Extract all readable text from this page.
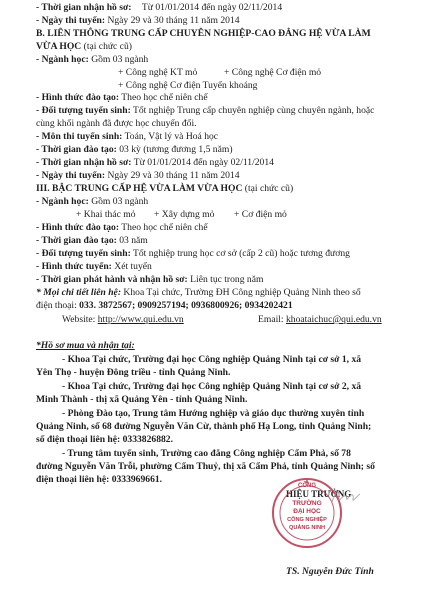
- Thời gian nhận hồ sơ: Từ 01/01/2014 đến ngày 02/11/2014
- Ngày thi tuyển: Ngày 29 và 30 tháng 11 năm 2014
B. LIÊN THÔNG TRUNG CẤP CHUYÊN NGHIỆP-CAO ĐẲNG HỆ VỪA LÀM
VỪA HỌC (tại chức cũ)
- Ngành học: Gồm 03 ngành
+ Công nghệ KT mỏ	+ Công nghệ Cơ điện mỏ
+ Công nghệ Cơ điện Tuyển khoáng
- Hình thức đào tạo: Theo học chế niên chế
- Đối tượng tuyển sinh: Tốt nghiệp Trung cấp chuyên nghiệp cùng chuyên ngành, hoặc
cùng khối ngành đã được học chuyển đổi.
- Môn thi tuyển sinh: Toán, Vật lý và Hoá học
- Thời gian đào tạo: 03 kỳ (tương đương 1,5 năm)
- Thời gian nhận hồ sơ: Từ 01/01/2014 đến ngày 02/11/2014
- Ngày thi tuyển: Ngày 29 và 30 tháng 11 năm 2014
III. BẬC TRUNG CẤP HỆ VỪA LÀM VỪA HỌC (tại chức cũ)
- Ngành học: Gồm 03 ngành
+ Khai thác mỏ + Xây dựng mỏ + Cơ điện mỏ
- Hình thức đào tạo: Theo học chế niên chế
- Thời gian đào tạo: 03 năm
- Đối tượng tuyển sinh: Tốt nghiệp trung học cơ sở (cấp 2 cũ) hoặc tương đương
- Hình thức tuyển: Xét tuyển
- Thời gian phát hành và nhận hồ sơ: Liên tục trong năm
* Mọi chi tiết liên hệ: Khoa Tại chức, Trường ĐH Công nghiệp Quảng Ninh theo số
điện thoại: 033. 3872567; 0909257194; 0936800926; 0934202421
Website: http://www.qui.edu.vn	Email: khoataichuc@qui.edu.vn
*Hồ sơ mua và nhận tại:
- Khoa Tại chức, Trường đại học Công nghiệp Quảng Ninh tại cơ sở 1, xã
Yên Thọ - huyện Đông triều - tỉnh Quảng Ninh.
- Khoa Tại chức, Trường đại học Công nghiệp Quảng Ninh tại cơ sở 2, xã
Minh Thành - thị xã Quảng Yên - tỉnh Quảng Ninh.
- Phòng Đào tạo, Trung tâm Hướng nghiệp và giáo dục thường xuyên tỉnh
Quảng Ninh, số 68 đường Nguyễn Văn Cừ, thành phố Hạ Long, tỉnh Quảng Ninh;
số điện thoại liên hệ: 0333826882.
- Trung tâm tuyển sinh, Trường cao đẳng Công nghiệp Cẩm Phả, số 78
đường Nguyễn Văn Trỗi, phường Cẩm Thuỷ, thị xã Cẩm Phả, tỉnh Quảng Ninh; số
điện thoại liên hệ: 0333969661.
HIỆU TRƯỞNG
CÔNG
TRƯỜNG
ĐẠI HỌC
CÔNG NGHIỆP
QUẢNG NINH
TS. Nguyễn Đức Tính
